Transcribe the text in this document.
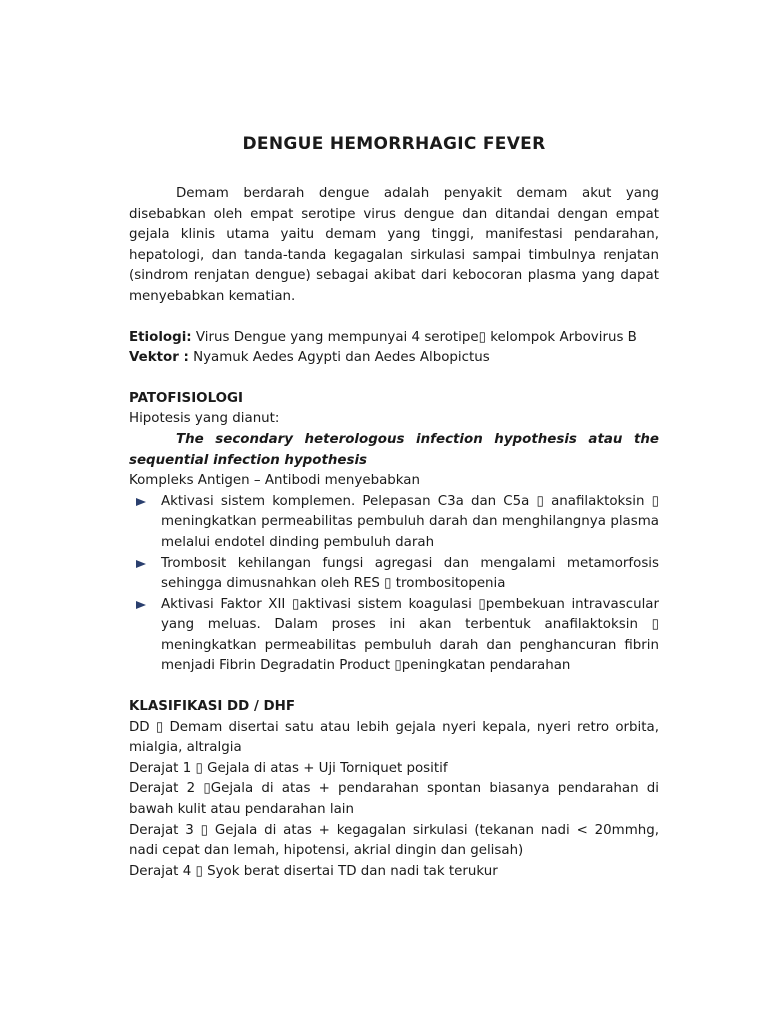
DENGUE HEMORRHAGIC FEVER

Demam berdarah dengue adalah penyakit demam akut yang disebabkan oleh empat serotipe virus dengue dan ditandai dengan empat gejala klinis utama yaitu demam yang tinggi, manifestasi pendarahan, hepatologi, dan tanda-tanda kegagalan sirkulasi sampai timbulnya renjatan (sindrom renjatan dengue) sebagai akibat dari kebocoran plasma yang dapat menyebabkan kematian.

Etiologi: Virus Dengue yang mempunyai 4 serotipe▯ kelompok Arbovirus B

Vektor : Nyamuk Aedes Agypti dan Aedes Albopictus

PATOFISIOLOGI

Hipotesis yang dianut:

The secondary heterologous infection hypothesis atau the sequential infection hypothesis

Kompleks Antigen – Antibodi menyebabkan

Aktivasi sistem komplemen. Pelepasan C3a dan C5a ▯ anafilaktoksin ▯ meningkatkan permeabilitas pembuluh darah dan menghilangnya plasma melalui endotel dinding pembuluh darah
Trombosit kehilangan fungsi agregasi dan mengalami metamorfosis sehingga dimusnahkan oleh RES ▯ trombositopenia
Aktivasi Faktor XII ▯aktivasi sistem koagulasi ▯pembekuan intravascular yang meluas. Dalam proses ini akan terbentuk anafilaktoksin ▯ meningkatkan permeabilitas pembuluh darah dan penghancuran fibrin menjadi Fibrin Degradatin Product ▯peningkatan pendarahan

KLASIFIKASI DD / DHF

DD ▯ Demam disertai satu atau lebih gejala nyeri kepala, nyeri retro orbita, mialgia, altralgia

Derajat 1 ▯ Gejala di atas + Uji Torniquet positif

Derajat 2 ▯Gejala di atas + pendarahan spontan biasanya pendarahan di bawah kulit atau pendarahan lain

Derajat 3 ▯ Gejala di atas + kegagalan sirkulasi (tekanan nadi < 20mmhg, nadi cepat dan lemah, hipotensi, akrial dingin dan gelisah)

Derajat 4 ▯ Syok berat disertai TD dan nadi tak terukur
